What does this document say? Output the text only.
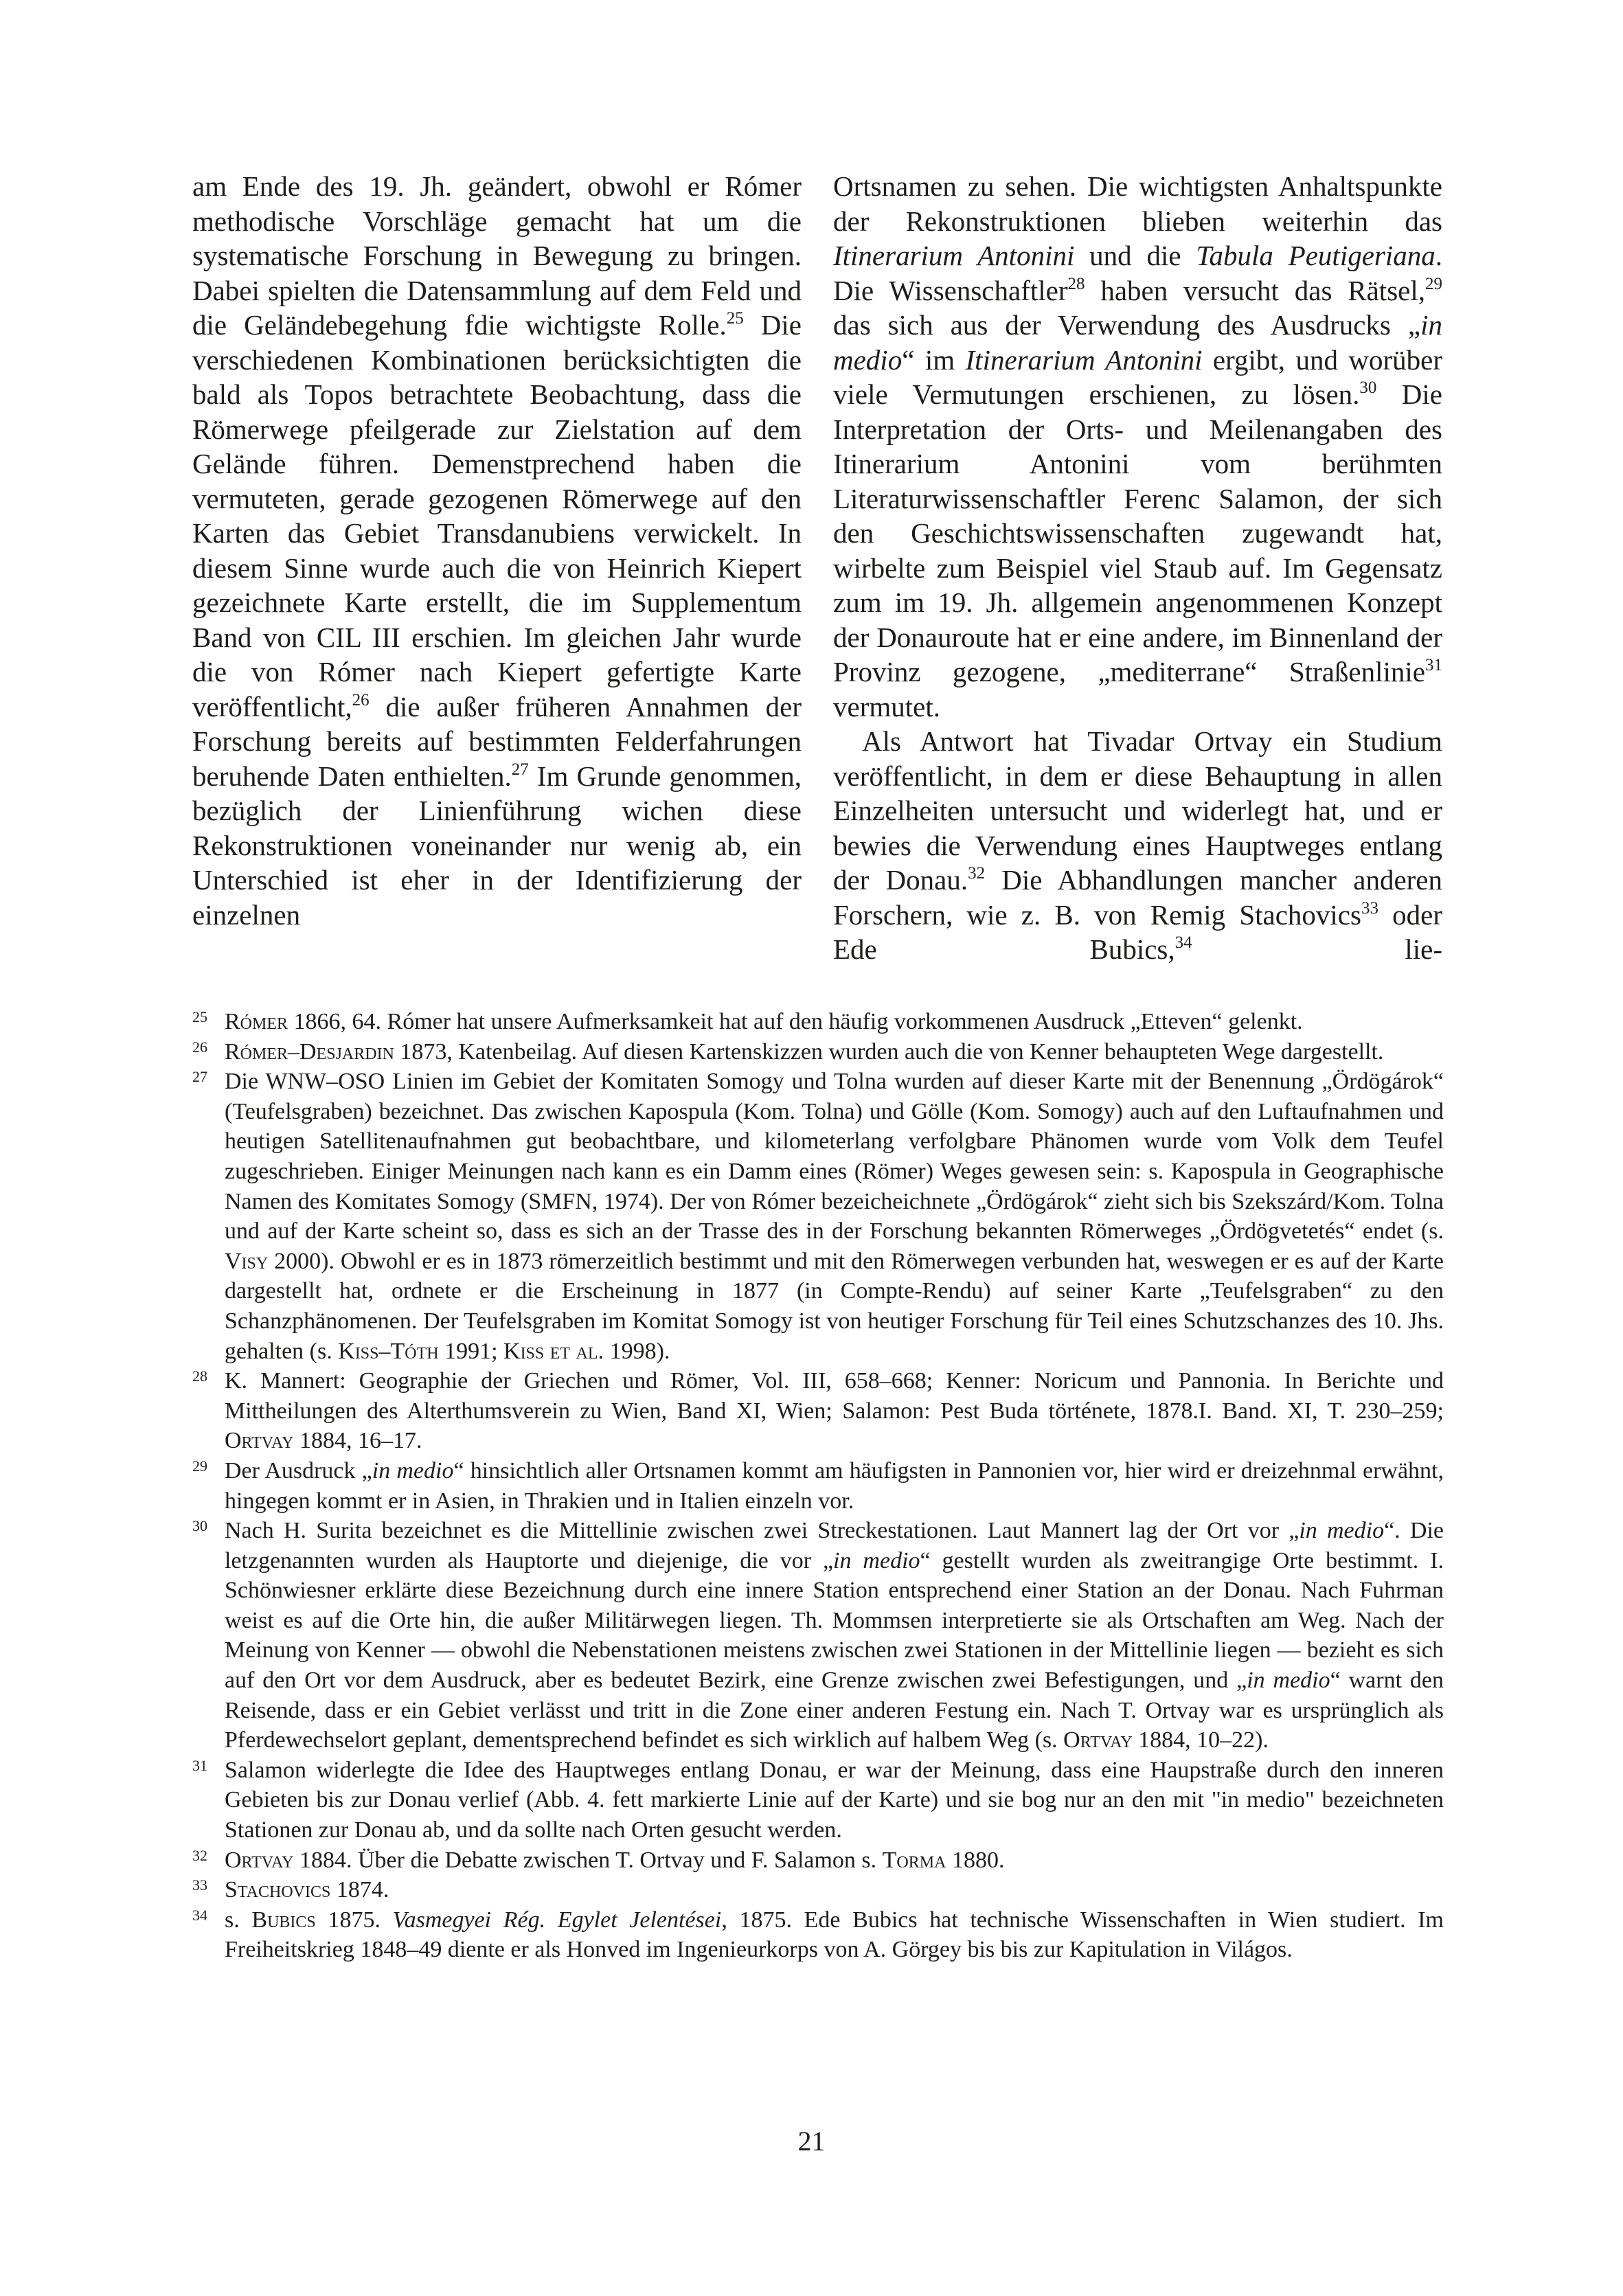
am Ende des 19. Jh. geändert, obwohl er Rómer methodische Vorschläge gemacht hat um die systematische Forschung in Bewegung zu bringen. Dabei spielten die Datensammlung auf dem Feld und die Geländebegehung fdie wichtigste Rolle.$^{25}$ Die verschiedenen Kombinationen berücksichtigten die bald als Topos betrachtete Beobachtung, dass die Römerwege pfeilgerade zur Zielstation auf dem Gelände führen. Demenstprechend haben die vermuteten, gerade gezogenen Römerwege auf den Karten das Gebiet Transdanubiens verwickelt. In diesem Sinne wurde auch die von Heinrich Kiepert gezeichnete Karte erstellt, die im Supplementum Band von CIL III erschien. Im gleichen Jahr wurde die von Rómer nach Kiepert gefertigte Karte veröffentlicht,$^{26}$ die außer früheren Annahmen der Forschung bereits auf bestimmten Felderfahrungen beruhende Daten enthielten.$^{27}$ Im Grunde genommen, bezüglich der Linienführung wichen diese Rekonstruktionen voneinander nur wenig ab, ein Unterschied ist eher in der Identifizierung der einzelnen

Ortsnamen zu sehen. Die wichtigsten Anhaltspunkte der Rekonstruktionen blieben weiterhin das Itinerarium Antonini und die Tabula Peutigeriana. Die Wissenschaftler$^{28}$ haben versucht das Rätsel,$^{29}$ das sich aus der Verwendung des Ausdrucks „in medio“ im Itinerarium Antonini ergibt, und worüber viele Vermutungen erschienen, zu lösen.$^{30}$ Die Interpretation der Orts- und Meilenangaben des Itinerarium Antonini vom berühmten Literaturwissenschaftler Ferenc Salamon, der sich den Geschichtswissenschaften zugewandt hat, wirbelte zum Beispiel viel Staub auf. Im Gegensatz zum im 19. Jh. allgemein angenommenen Konzept der Donauroute hat er eine andere, im Binnenland der Provinz gezogene, „mediterrane“ Straßenlinie$^{31}$ vermutet.

Als Antwort hat Tivadar Ortvay ein Studium veröffentlicht, in dem er diese Behauptung in allen Einzelheiten untersucht und widerlegt hat, und er bewies die Verwendung eines Hauptweges entlang der Donau.$^{32}$ Die Abhandlungen mancher anderen Forschern, wie z. B. von Remig Stachovics$^{33}$ oder Ede Bubics,$^{34}$ lie-

25 Rómer 1866, 64. Rómer hat unsere Aufmerksamkeit hat auf den häufig vorkommenen Ausdruck „Etteven“ gelenkt.
26 Rómer–Desjardin 1873, Katenbeilag. Auf diesen Kartenskizzen wurden auch die von Kenner behaupteten Wege dargestellt.
27 Die WNW–OSO Linien im Gebiet der Komitaten Somogy und Tolna wurden auf dieser Karte mit der Benennung „Ördögárok“ (Teufelsgraben) bezeichnet. Das zwischen Kapospula (Kom. Tolna) und Gölle (Kom. Somogy) auch auf den Luftaufnahmen und heutigen Satellitenaufnahmen gut beobachtbare, und kilometerlang verfolgbare Phänomen wurde vom Volk dem Teufel zugeschrieben. Einiger Meinungen nach kann es ein Damm eines (Römer) Weges gewesen sein: s. Kapospula in Geographische Namen des Komitates Somogy (SMFN, 1974). Der von Rómer bezeicheichnete „Ördögárok“ zieht sich bis Szekszárd/Kom. Tolna und auf der Karte scheint so, dass es sich an der Trasse des in der Forschung bekannten Römerweges „Ördögvetetés“ endet (s. Visy 2000). Obwohl er es in 1873 römerzeitlich bestimmt und mit den Römerwegen verbunden hat, weswegen er es auf der Karte dargestellt hat, ordnete er die Erscheinung in 1877 (in Compte-Rendu) auf seiner Karte „Teufelsgraben“ zu den Schanzphänomenen. Der Teufelsgraben im Komitat Somogy ist von heutiger Forschung für Teil eines Schutzschanzes des 10. Jhs. gehalten (s. Kiss–Tóth 1991; Kiss et al. 1998).
28 K. Mannert: Geographie der Griechen und Römer, Vol. III, 658–668; Kenner: Noricum und Pannonia. In Berichte und Mittheilungen des Alterthumsverein zu Wien, Band XI, Wien; Salamon: Pest Buda története, 1878.I. Band. XI, T. 230–259; Ortvay 1884, 16–17.
29 Der Ausdruck „in medio“ hinsichtlich aller Ortsnamen kommt am häufigsten in Pannonien vor, hier wird er dreizehnmal erwähnt, hingegen kommt er in Asien, in Thrakien und in Italien einzeln vor.
30 Nach H. Surita bezeichnet es die Mittellinie zwischen zwei Streckestationen. Laut Mannert lag der Ort vor „in medio“. Die letzgenannten wurden als Hauptorte und diejenige, die vor „in medio“ gestellt wurden als zweitrangige Orte bestimmt. I. Schönwiesner erklärte diese Bezeichnung durch eine innere Station entsprechend einer Station an der Donau. Nach Fuhrman weist es auf die Orte hin, die außer Militärwegen liegen. Th. Mommsen interpretierte sie als Ortschaften am Weg. Nach der Meinung von Kenner — obwohl die Nebenstationen meistens zwischen zwei Stationen in der Mittellinie liegen — bezieht es sich auf den Ort vor dem Ausdruck, aber es bedeutet Bezirk, eine Grenze zwischen zwei Befestigungen, und „in medio“ warnt den Reisende, dass er ein Gebiet verlässt und tritt in die Zone einer anderen Festung ein. Nach T. Ortvay war es ursprünglich als Pferdewechselort geplant, dementsprechend befindet es sich wirklich auf halbem Weg (s. Ortvay 1884, 10–22).
31 Salamon widerlegte die Idee des Hauptweges entlang Donau, er war der Meinung, dass eine Haupstraße durch den inneren Gebieten bis zur Donau verlief (Abb. 4. fett markierte Linie auf der Karte) und sie bog nur an den mit "in medio" bezeichneten Stationen zur Donau ab, und da sollte nach Orten gesucht werden.
32 Ortvay 1884. Über die Debatte zwischen T. Ortvay und F. Salamon s. Torma 1880.
33 Stachovics 1874.
34 s. Bubics 1875. Vasmegyei Rég. Egylet Jelentései, 1875. Ede Bubics hat technische Wissenschaften in Wien studiert. Im Freiheitskrieg 1848–49 diente er als Honved im Ingenieurkorps von A. Görgey bis bis zur Kapitulation in Világos.
21
